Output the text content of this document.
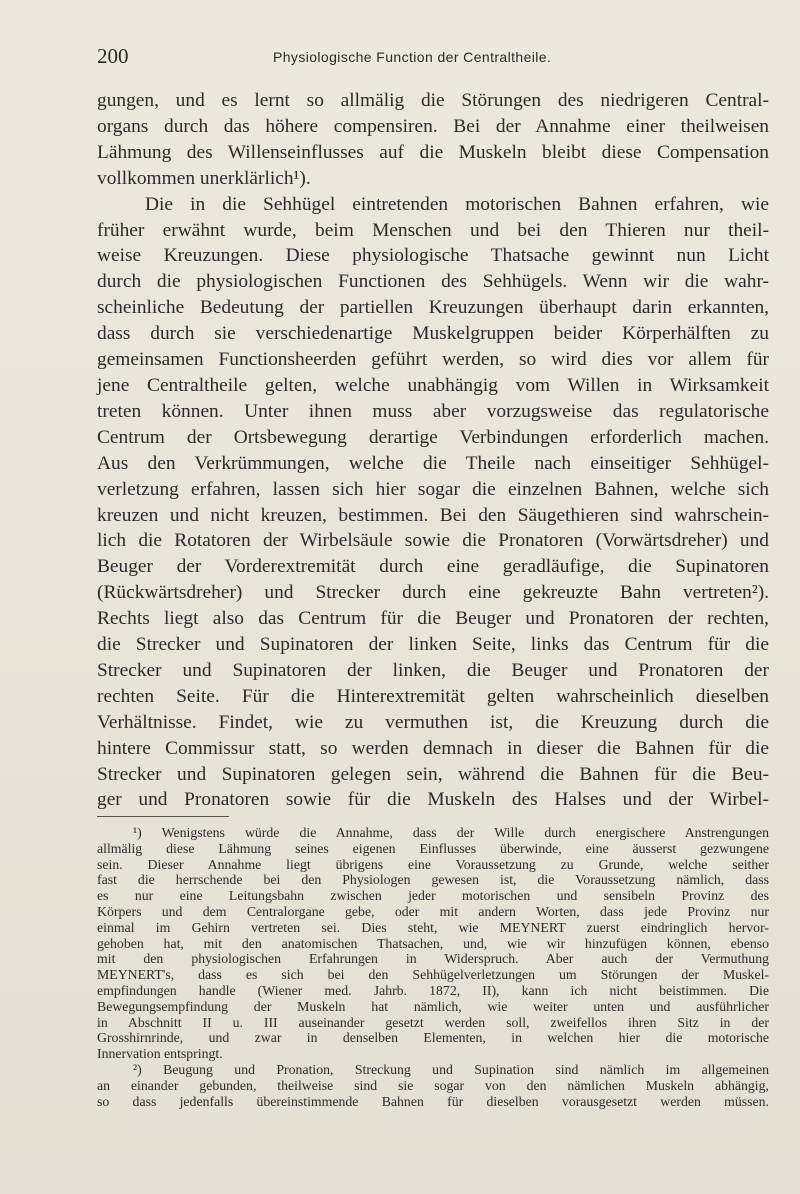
200	Physiologische Function der Centraltheile.
gungen, und es lernt so allmälig die Störungen des niedrigeren Central-
organs durch das höhere compensiren. Bei der Annahme einer theilweisen
Lähmung des Willenseinflusses auf die Muskeln bleibt diese Compensation
vollkommen unerklärlich¹).
Die in die Sehhügel eintretenden motorischen Bahnen erfahren, wie
früher erwähnt wurde, beim Menschen und bei den Thieren nur theil-
weise Kreuzungen. Diese physiologische Thatsache gewinnt nun Licht
durch die physiologischen Functionen des Sehhügels. Wenn wir die wahr-
scheinliche Bedeutung der partiellen Kreuzungen überhaupt darin erkannten,
dass durch sie verschiedenartige Muskelgruppen beider Körperhälften zu
gemeinsamen Functionsheerden geführt werden, so wird dies vor allem für
jene Centraltheile gelten, welche unabhängig vom Willen in Wirksamkeit
treten können. Unter ihnen muss aber vorzugsweise das regulatorische
Centrum der Ortsbewegung derartige Verbindungen erforderlich machen.
Aus den Verkrümmungen, welche die Theile nach einseitiger Sehhügel-
verletzung erfahren, lassen sich hier sogar die einzelnen Bahnen, welche sich
kreuzen und nicht kreuzen, bestimmen. Bei den Säugethieren sind wahrschein-
lich die Rotatoren der Wirbelsäule sowie die Pronatoren (Vorwärtsdreher) und
Beuger der Vorderextremität durch eine geradläufige, die Supinatoren
(Rückwärtsdreher) und Strecker durch eine gekreuzte Bahn vertreten²).
Rechts liegt also das Centrum für die Beuger und Pronatoren der rechten,
die Strecker und Supinatoren der linken Seite, links das Centrum für die
Strecker und Supinatoren der linken, die Beuger und Pronatoren der
rechten Seite. Für die Hinterextremität gelten wahrscheinlich dieselben
Verhältnisse. Findet, wie zu vermuthen ist, die Kreuzung durch die
hintere Commissur statt, so werden demnach in dieser die Bahnen für die
Strecker und Supinatoren gelegen sein, während die Bahnen für die Beu-
ger und Pronatoren sowie für die Muskeln des Halses und der Wirbel-
¹) Wenigstens würde die Annahme, dass der Wille durch energischere Anstrengungen
allmälig diese Lähmung seines eigenen Einflusses überwinde, eine äusserst gezwungene
sein. Dieser Annahme liegt übrigens eine Voraussetzung zu Grunde, welche seither
fast die herrschende bei den Physiologen gewesen ist, die Voraussetzung nämlich, dass
es nur eine Leitungsbahn zwischen jeder motorischen und sensibeln Provinz des
Körpers und dem Centralorgane gebe, oder mit andern Worten, dass jede Provinz nur
einmal im Gehirn vertreten sei. Dies steht, wie MEYNERT zuerst eindringlich hervor-
gehoben hat, mit den anatomischen Thatsachen, und, wie wir hinzufügen können, ebenso
mit den physiologischen Erfahrungen in Widerspruch. Aber auch der Vermuthung
MEYNERT's, dass es sich bei den Sehhügelverletzungen um Störungen der Muskel-
empfindungen handle (Wiener med. Jahrb. 1872, II), kann ich nicht beistimmen. Die
Bewegungsempfindung der Muskeln hat nämlich, wie weiter unten und ausführlicher
in Abschnitt II u. III auseinander gesetzt werden soll, zweifellos ihren Sitz in der
Grosshirnrinde, und zwar in denselben Elementen, in welchen hier die motorische
Innervation entspringt.
²) Beugung und Pronation, Streckung und Supination sind nämlich im allgemeinen
an einander gebunden, theilweise sind sie sogar von den nämlichen Muskeln abhängig,
so dass jedenfalls übereinstimmende Bahnen für dieselben vorausgesetzt werden müssen.
